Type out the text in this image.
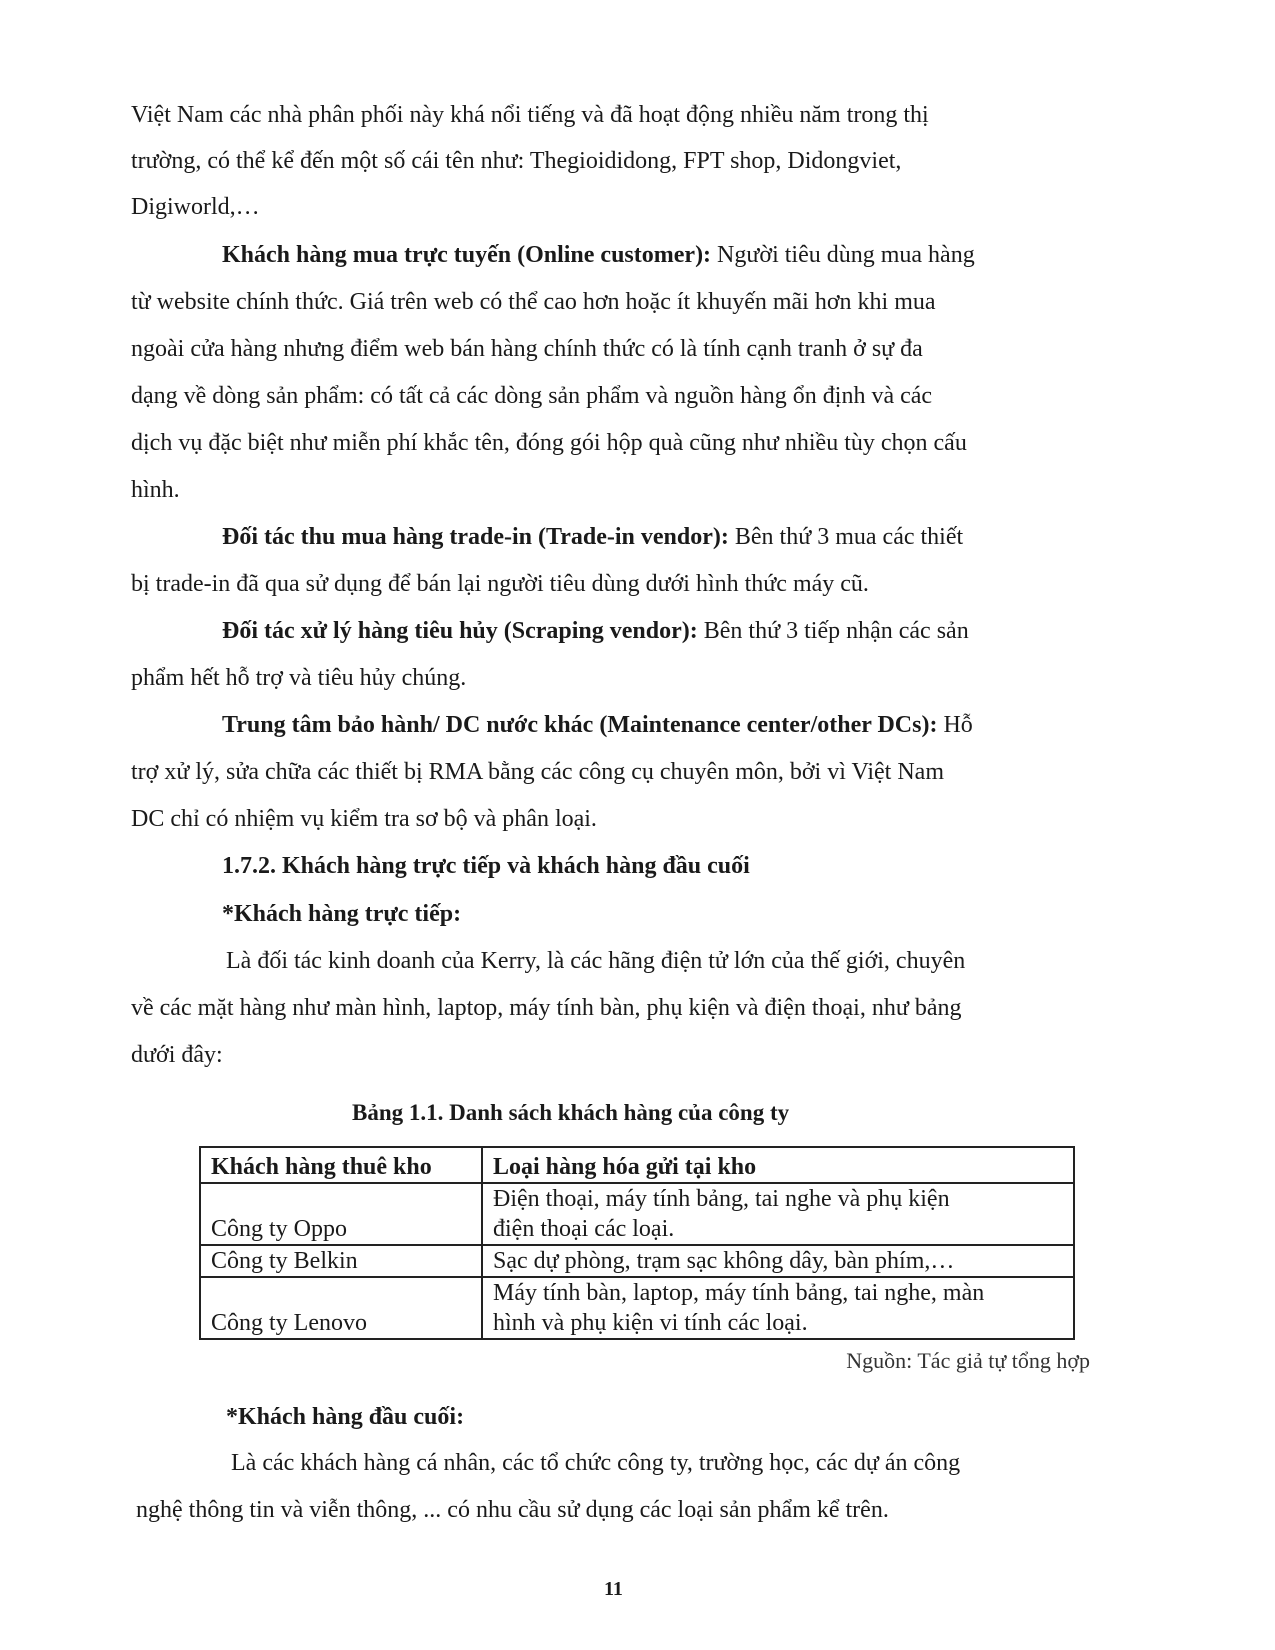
Việt Nam các nhà phân phối này khá nổi tiếng và đã hoạt động nhiều năm trong thị
trường, có thể kể đến một số cái tên như: Thegioididong, FPT shop, Didongviet,
Digiworld,…
Khách hàng mua trực tuyến (Online customer): Người tiêu dùng mua hàng
từ website chính thức. Giá trên web có thể cao hơn hoặc ít khuyến mãi hơn khi mua
ngoài cửa hàng nhưng điểm web bán hàng chính thức có là tính cạnh tranh ở sự đa
dạng về dòng sản phẩm: có tất cả các dòng sản phẩm và nguồn hàng ổn định và các
dịch vụ đặc biệt như miễn phí khắc tên, đóng gói hộp quà cũng như nhiều tùy chọn cấu
hình.
Đối tác thu mua hàng trade-in (Trade-in vendor): Bên thứ 3 mua các thiết
bị trade-in đã qua sử dụng để bán lại người tiêu dùng dưới hình thức máy cũ.
Đối tác xử lý hàng tiêu hủy (Scraping vendor): Bên thứ 3 tiếp nhận các sản
phẩm hết hỗ trợ và tiêu hủy chúng.
Trung tâm bảo hành/ DC nước khác (Maintenance center/other DCs): Hỗ
trợ xử lý, sửa chữa các thiết bị RMA bằng các công cụ chuyên môn, bởi vì Việt Nam
DC chỉ có nhiệm vụ kiểm tra sơ bộ và phân loại.
1.7.2. Khách hàng trực tiếp và khách hàng đầu cuối
*Khách hàng trực tiếp:
Là đối tác kinh doanh của Kerry, là các hãng điện tử lớn của thế giới, chuyên
về các mặt hàng như màn hình, laptop, máy tính bàn, phụ kiện và điện thoại, như bảng
dưới đây:
Bảng 1.1. Danh sách khách hàng của công ty
Khách hàng thuê kho	Loại hàng hóa gửi tại kho
Công ty Oppo	Điện thoại, máy tính bảng, tai nghe và phụ kiện
điện thoại các loại.

Công ty Belkin	Sạc dự phòng, trạm sạc không dây, bàn phím,…

Công ty Lenovo	Máy tính bàn, laptop, máy tính bảng, tai nghe, màn
hình và phụ kiện vi tính các loại.
Nguồn: Tác giả tự tổng hợp
*Khách hàng đầu cuối:
Là các khách hàng cá nhân, các tổ chức công ty, trường học, các dự án công
nghệ thông tin và viễn thông, ... có nhu cầu sử dụng các loại sản phẩm kể trên.
11
